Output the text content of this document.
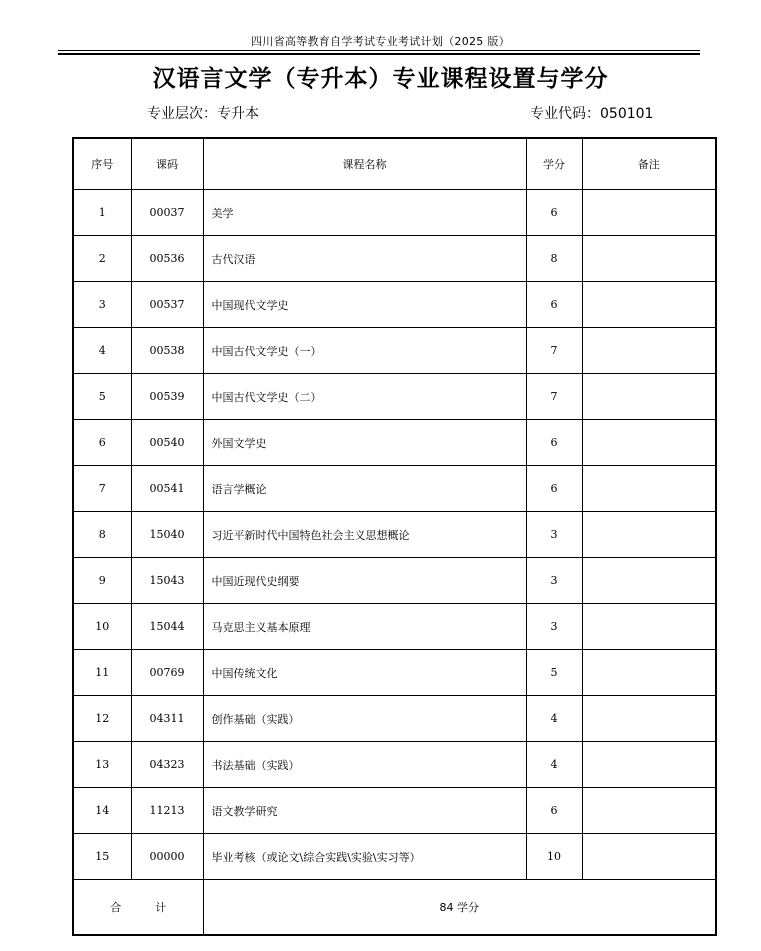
四川省高等教育自学考试专业考试计划（2025 版）
汉语言文学（专升本）专业课程设置与学分
专业层次：专升本	专业代码：050101
序号	课码	课程名称	学分	备注
1	00037	美学	6	
2	00536	古代汉语	8	
3	00537	中国现代文学史	6	
4	00538	中国古代文学史（一）	7	
5	00539	中国古代文学史（二）	7	
6	00540	外国文学史	6	
7	00541	语言学概论	6	
8	15040	习近平新时代中国特色社会主义思想概论	3	
9	15043	中国近现代史纲要	3	
10	15044	马克思主义基本原理	3	
11	00769	中国传统文化	5	
12	04311	创作基础（实践）	4	
13	04323	书法基础（实践）	4	
14	11213	语文教学研究	6	
15	00000	毕业考核（或论文\综合实践\实验\实习等）	10	
合 计		84 学分		
